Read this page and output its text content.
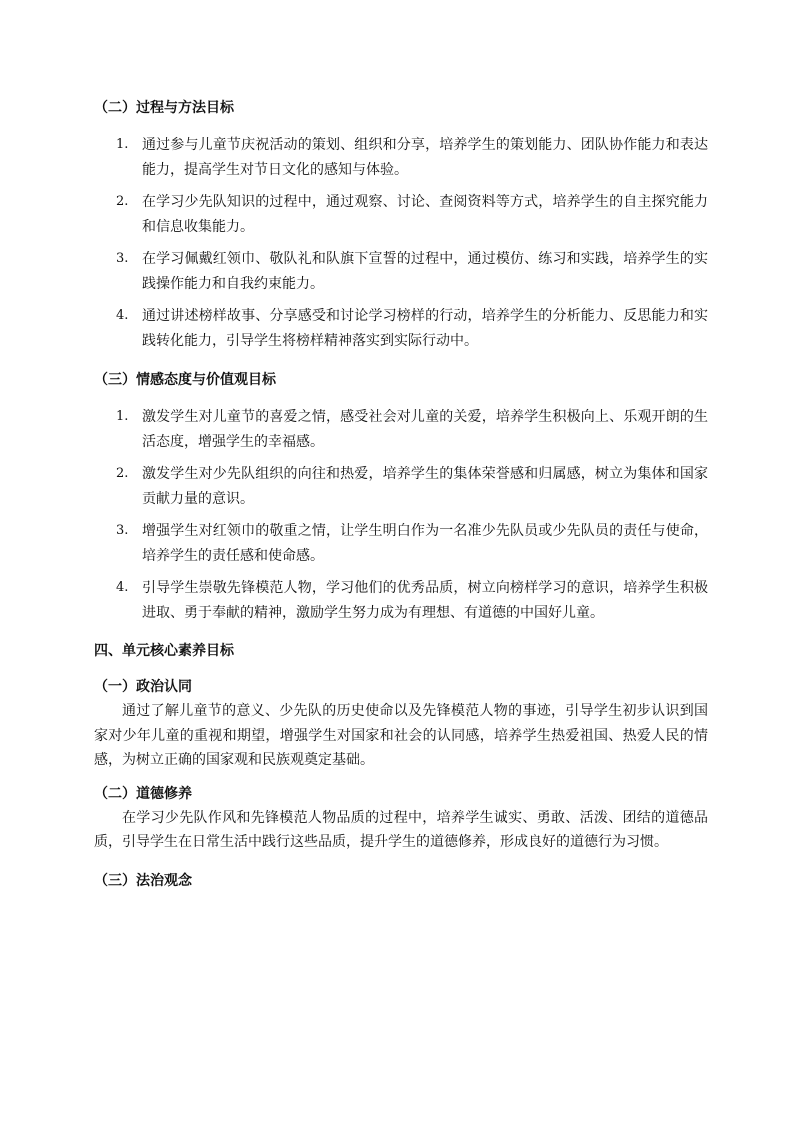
（二）过程与方法目标
1. 通过参与儿童节庆祝活动的策划、组织和分享，培养学生的策划能力、团队协作能力和表达能力，提高学生对节日文化的感知与体验。
2. 在学习少先队知识的过程中，通过观察、讨论、查阅资料等方式，培养学生的自主探究能力和信息收集能力。
3. 在学习佩戴红领巾、敬队礼和队旗下宣誓的过程中，通过模仿、练习和实践，培养学生的实践操作能力和自我约束能力。
4. 通过讲述榜样故事、分享感受和讨论学习榜样的行动，培养学生的分析能力、反思能力和实践转化能力，引导学生将榜样精神落实到实际行动中。
（三）情感态度与价值观目标
1. 激发学生对儿童节的喜爱之情，感受社会对儿童的关爱，培养学生积极向上、乐观开朗的生活态度，增强学生的幸福感。
2. 激发学生对少先队组织的向往和热爱，培养学生的集体荣誉感和归属感，树立为集体和国家贡献力量的意识。
3. 增强学生对红领巾的敬重之情，让学生明白作为一名准少先队员或少先队员的责任与使命，培养学生的责任感和使命感。
4. 引导学生崇敬先锋模范人物，学习他们的优秀品质，树立向榜样学习的意识，培养学生积极进取、勇于奉献的精神，激励学生努力成为有理想、有道德的中国好儿童。
四、单元核心素养目标
（一）政治认同

通过了解儿童节的意义、少先队的历史使命以及先锋模范人物的事迹，引导学生初步认识到国家对少年儿童的重视和期望，增强学生对国家和社会的认同感，培养学生热爱祖国、热爱人民的情感，为树立正确的国家观和民族观奠定基础。

（二）道德修养

在学习少先队作风和先锋模范人物品质的过程中，培养学生诚实、勇敢、活泼、团结的道德品质，引导学生在日常生活中践行这些品质，提升学生的道德修养，形成良好的道德行为习惯。

（三）法治观念
